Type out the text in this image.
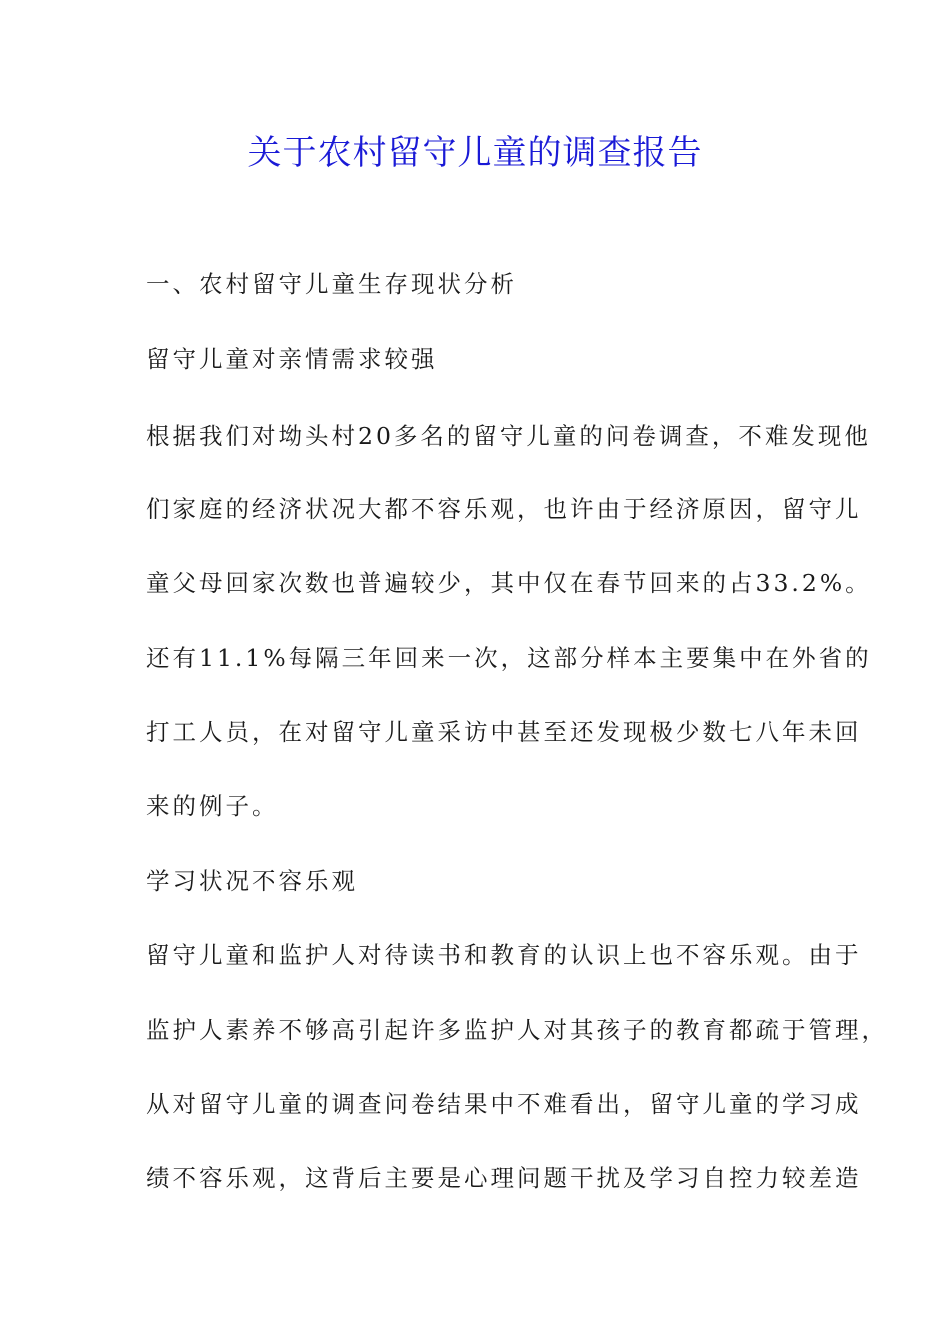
关于农村留守儿童的调查报告
一、农村留守儿童生存现状分析
留守儿童对亲情需求较强
根据我们对坳头村20多名的留守儿童的问卷调查，不难发现他
们家庭的经济状况大都不容乐观，也许由于经济原因，留守儿
童父母回家次数也普遍较少，其中仅在春节回来的占33.2%。
还有11.1%每隔三年回来一次，这部分样本主要集中在外省的
打工人员，在对留守儿童采访中甚至还发现极少数七八年未回
来的例子。
学习状况不容乐观
留守儿童和监护人对待读书和教育的认识上也不容乐观。由于
监护人素养不够高引起许多监护人对其孩子的教育都疏于管理，
从对留守儿童的调查问卷结果中不难看出，留守儿童的学习成
绩不容乐观，这背后主要是心理问题干扰及学习自控力较差造
